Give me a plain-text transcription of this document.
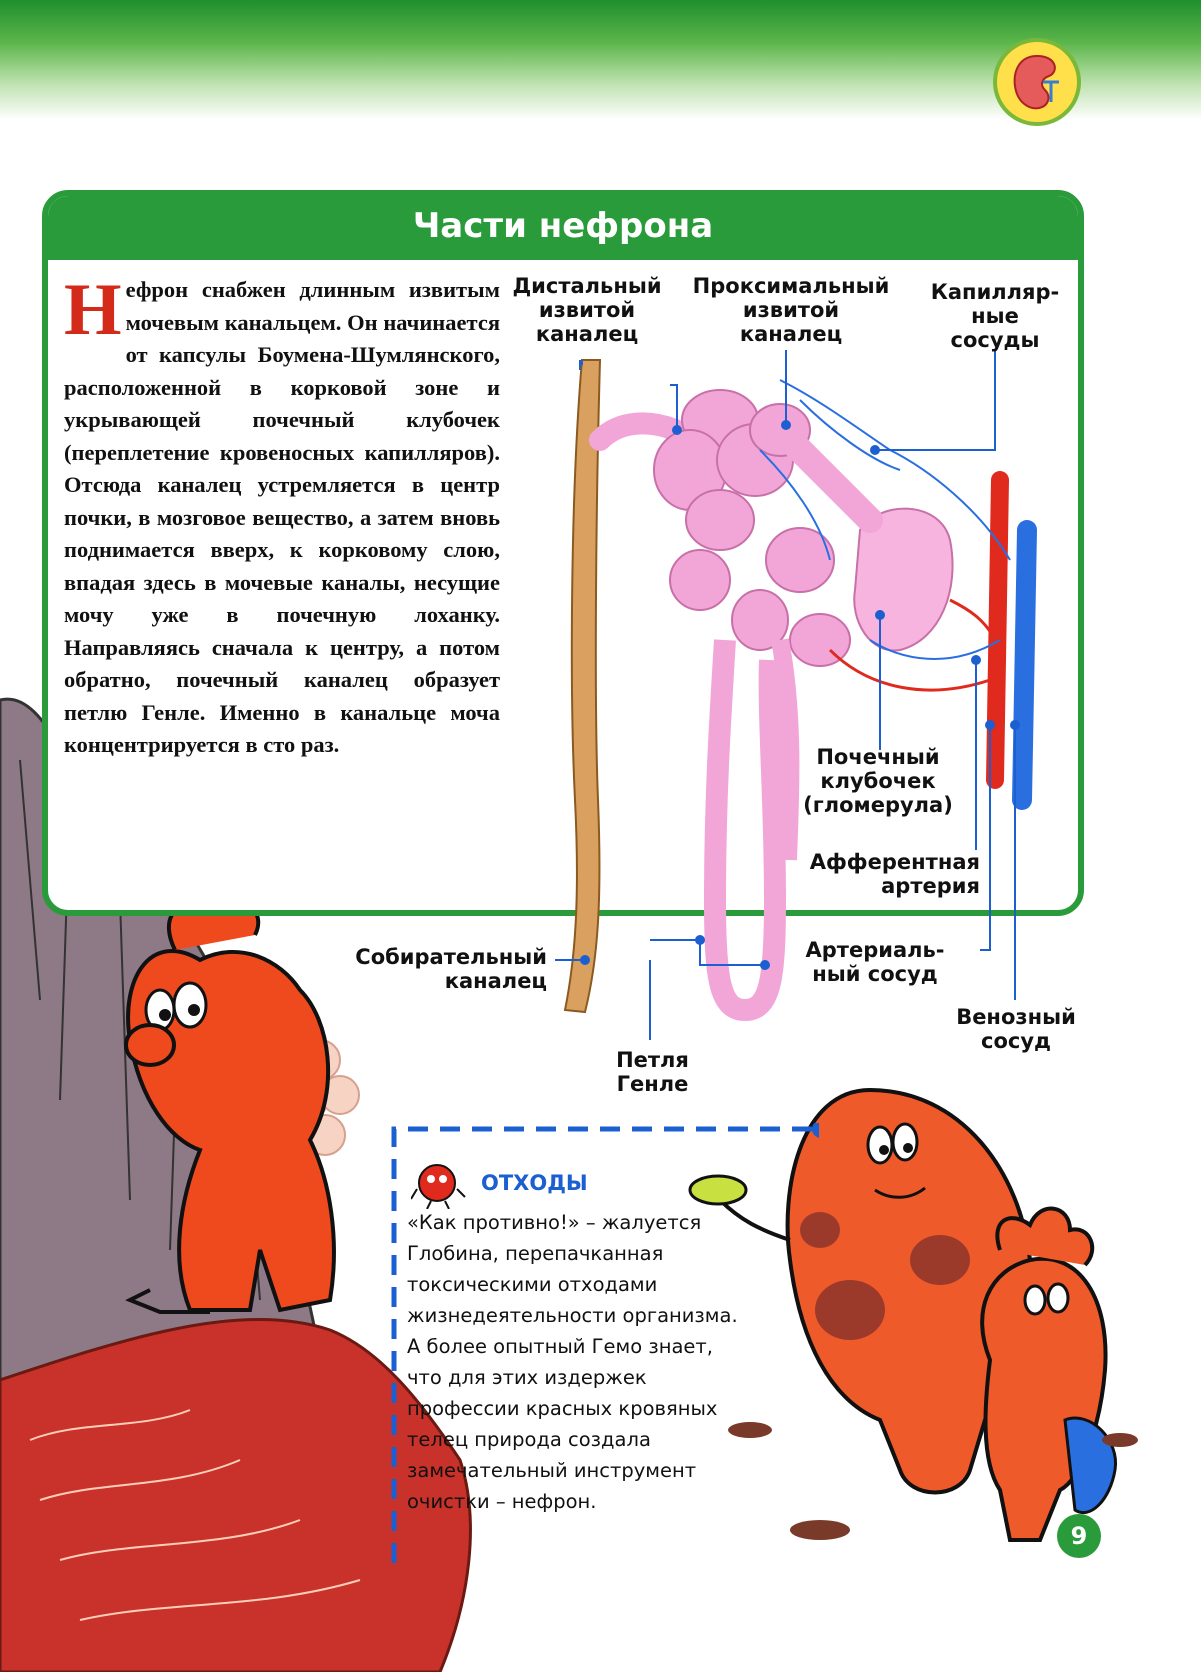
Части нефрона
Нефрон снабжен длинным извитым мочевым канальцем. Он начинается от капсулы Боумена-Шумлянского, расположенной в корковой зоне и укрывающей почечный клубочек (переплетение кровеносных капилляров). Отсюда каналец устремляется в центр почки, в мозговое вещество, а затем вновь поднимается вверх, к корковому слою, впадая здесь в мочевые каналы, несущие мочу уже в почечную лоханку. Направляясь сначала к центру, а потом обратно, почечный каналец образует петлю Генле. Именно в канальце моча концентрируется в сто раз.
Дистальный
извитой
каналец
Проксимальный
извитой
каналец
Капилляр-
ные
сосуды
Почечный
клубочек
(гломерула)
Афферентная
артерия
Артериаль-
ный сосуд
Венозный
сосуд
Собирательный
каналец
Петля
Генле
ОТХОДЫ
«Как противно!» – жалуется Глобина, перепачканная токсическими отходами жизнедеятельности организма. А более опытный Гемо знает, что для этих издержек профессии красных кровяных телец природа создала замечательный инструмент очистки – нефрон.
9
